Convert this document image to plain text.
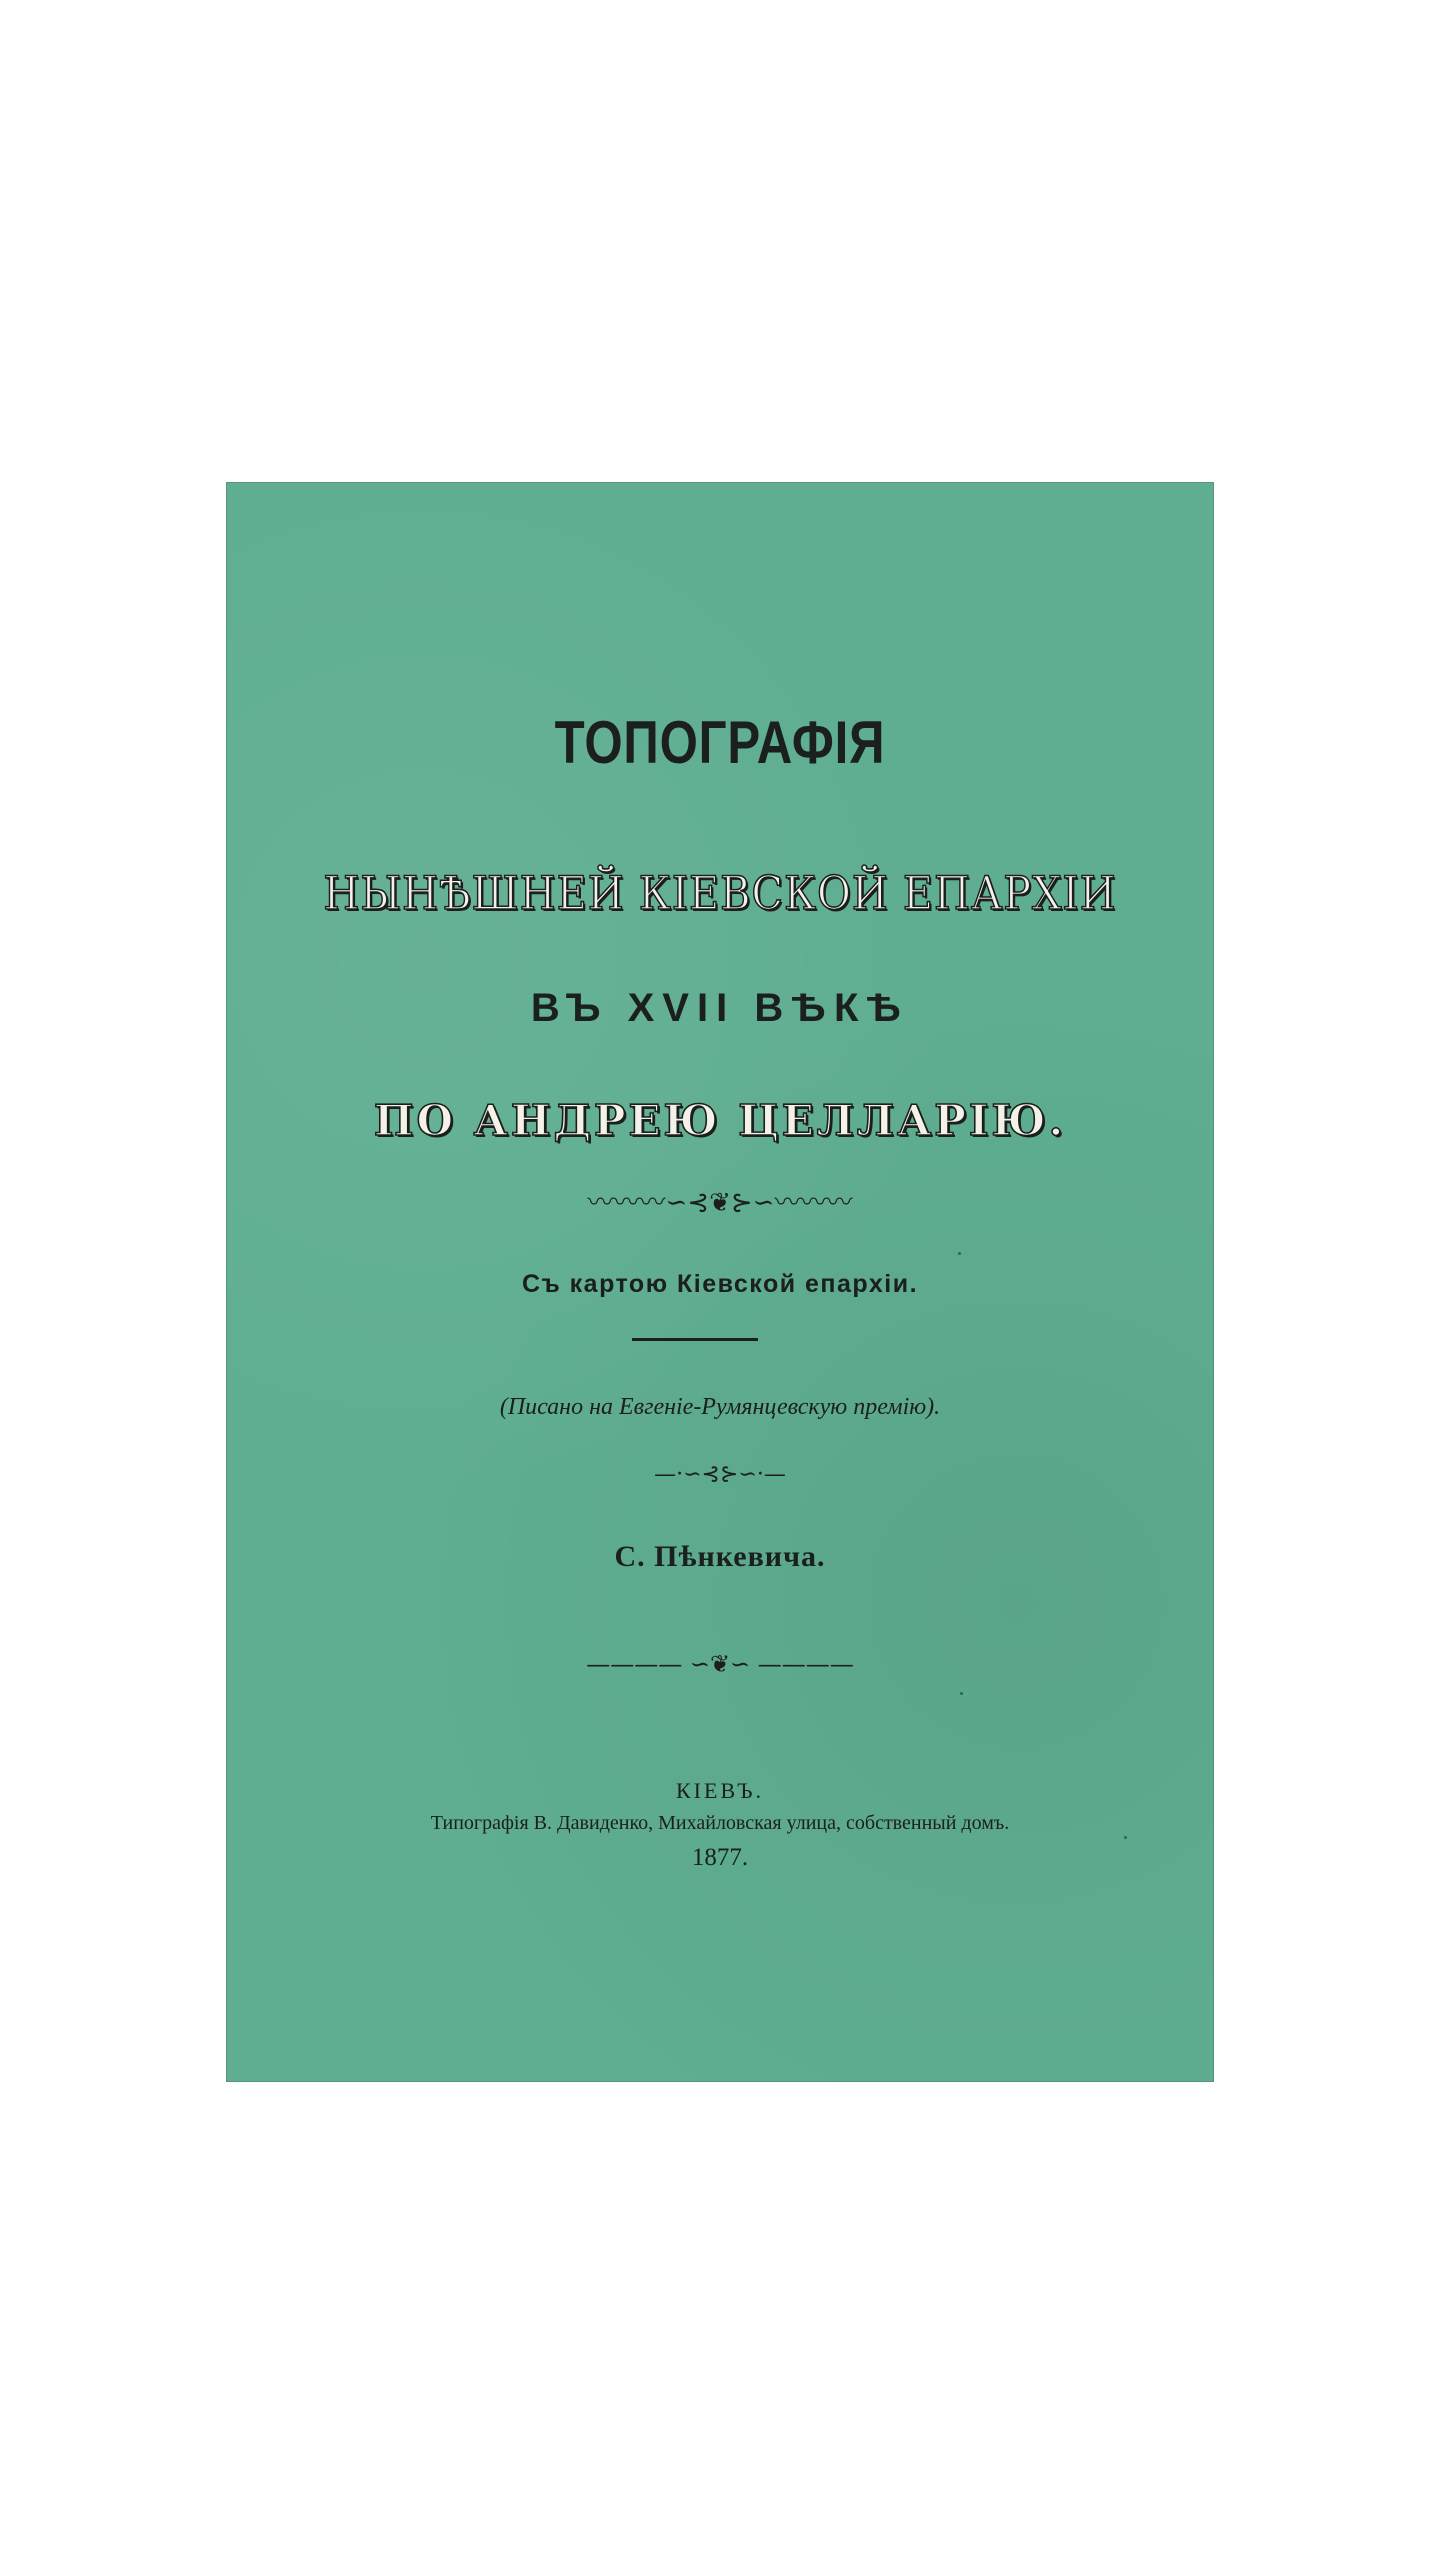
ТОПОГРАФІЯ
НЫНѢШНЕЙ КІЕВСКОЙ ЕПАРХІИ
ВЪ XVII ВѢКѢ
ПО АНДРЕЮ ЦЕЛЛАРІЮ.
〰〰〰∽⊰❦⊱∽〰〰〰
Съ картою Кіевской епархіи.
(Писано на Евгеніе-Румянцевскую премію).
—·∽⊰⊱∽·—
С. Пѣнкевича.
———— ∽❦∽ ————
КІЕВЪ.
Типографія В. Давиденко, Михайловская улица, собственный домъ.
1877.
